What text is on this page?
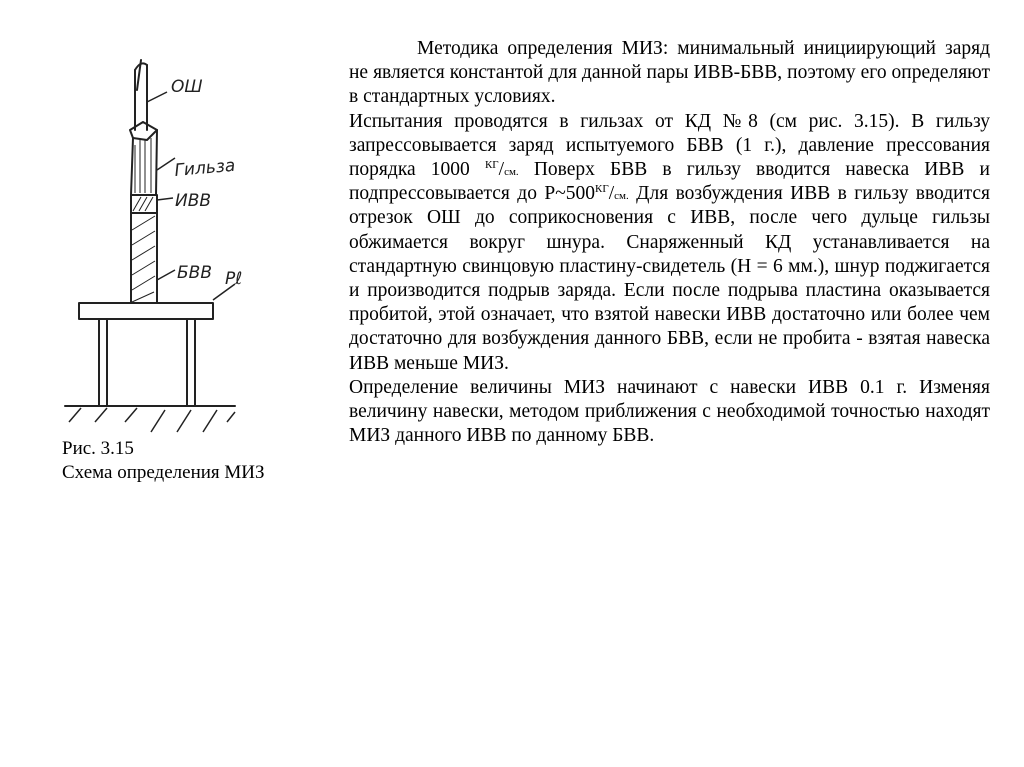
ОШ
Гильза
ИВВ
БВВ Pℓ
Рис. 3.15
Схема определения МИЗ

Методика определения МИЗ: минимальный инициирующий заряд не является константой для данной пары ИВВ-БВВ, поэтому его определяют в стандартных условиях.

Испытания проводятся в гильзах от КД №8 (см рис. 3.15). В гильзу запрессовывается заряд испытуемого БВВ (1 г.), давление прессования порядка 1000 $^{КГ}$/см. Поверх БВВ в гильзу вводится навеска ИВВ и подпрессовывается до $Р\sim 500^{КГ}/см$. Для возбуждения ИВВ в гильзу вводится отрезок ОШ до соприкосновения с ИВВ, после чего дульце гильзы обжимается вокруг шнура. Снаряженный КД устанавливается на стандартную свинцовую пластину-свидетель (Н = 6 мм.), шнур поджигается и производится подрыв заряда. Если после подрыва пластина оказывается пробитой, этой означает, что взятой навески ИВВ достаточно или более чем достаточно для возбуждения данного БВВ, если не пробита - взятая навеска ИВВ меньше МИЗ.

Определение величины МИЗ начинают с навески ИВВ 0.1 г. Изменяя величину навески, методом приближения с необходимой точностью находят МИЗ данного ИВВ по данному БВВ.
